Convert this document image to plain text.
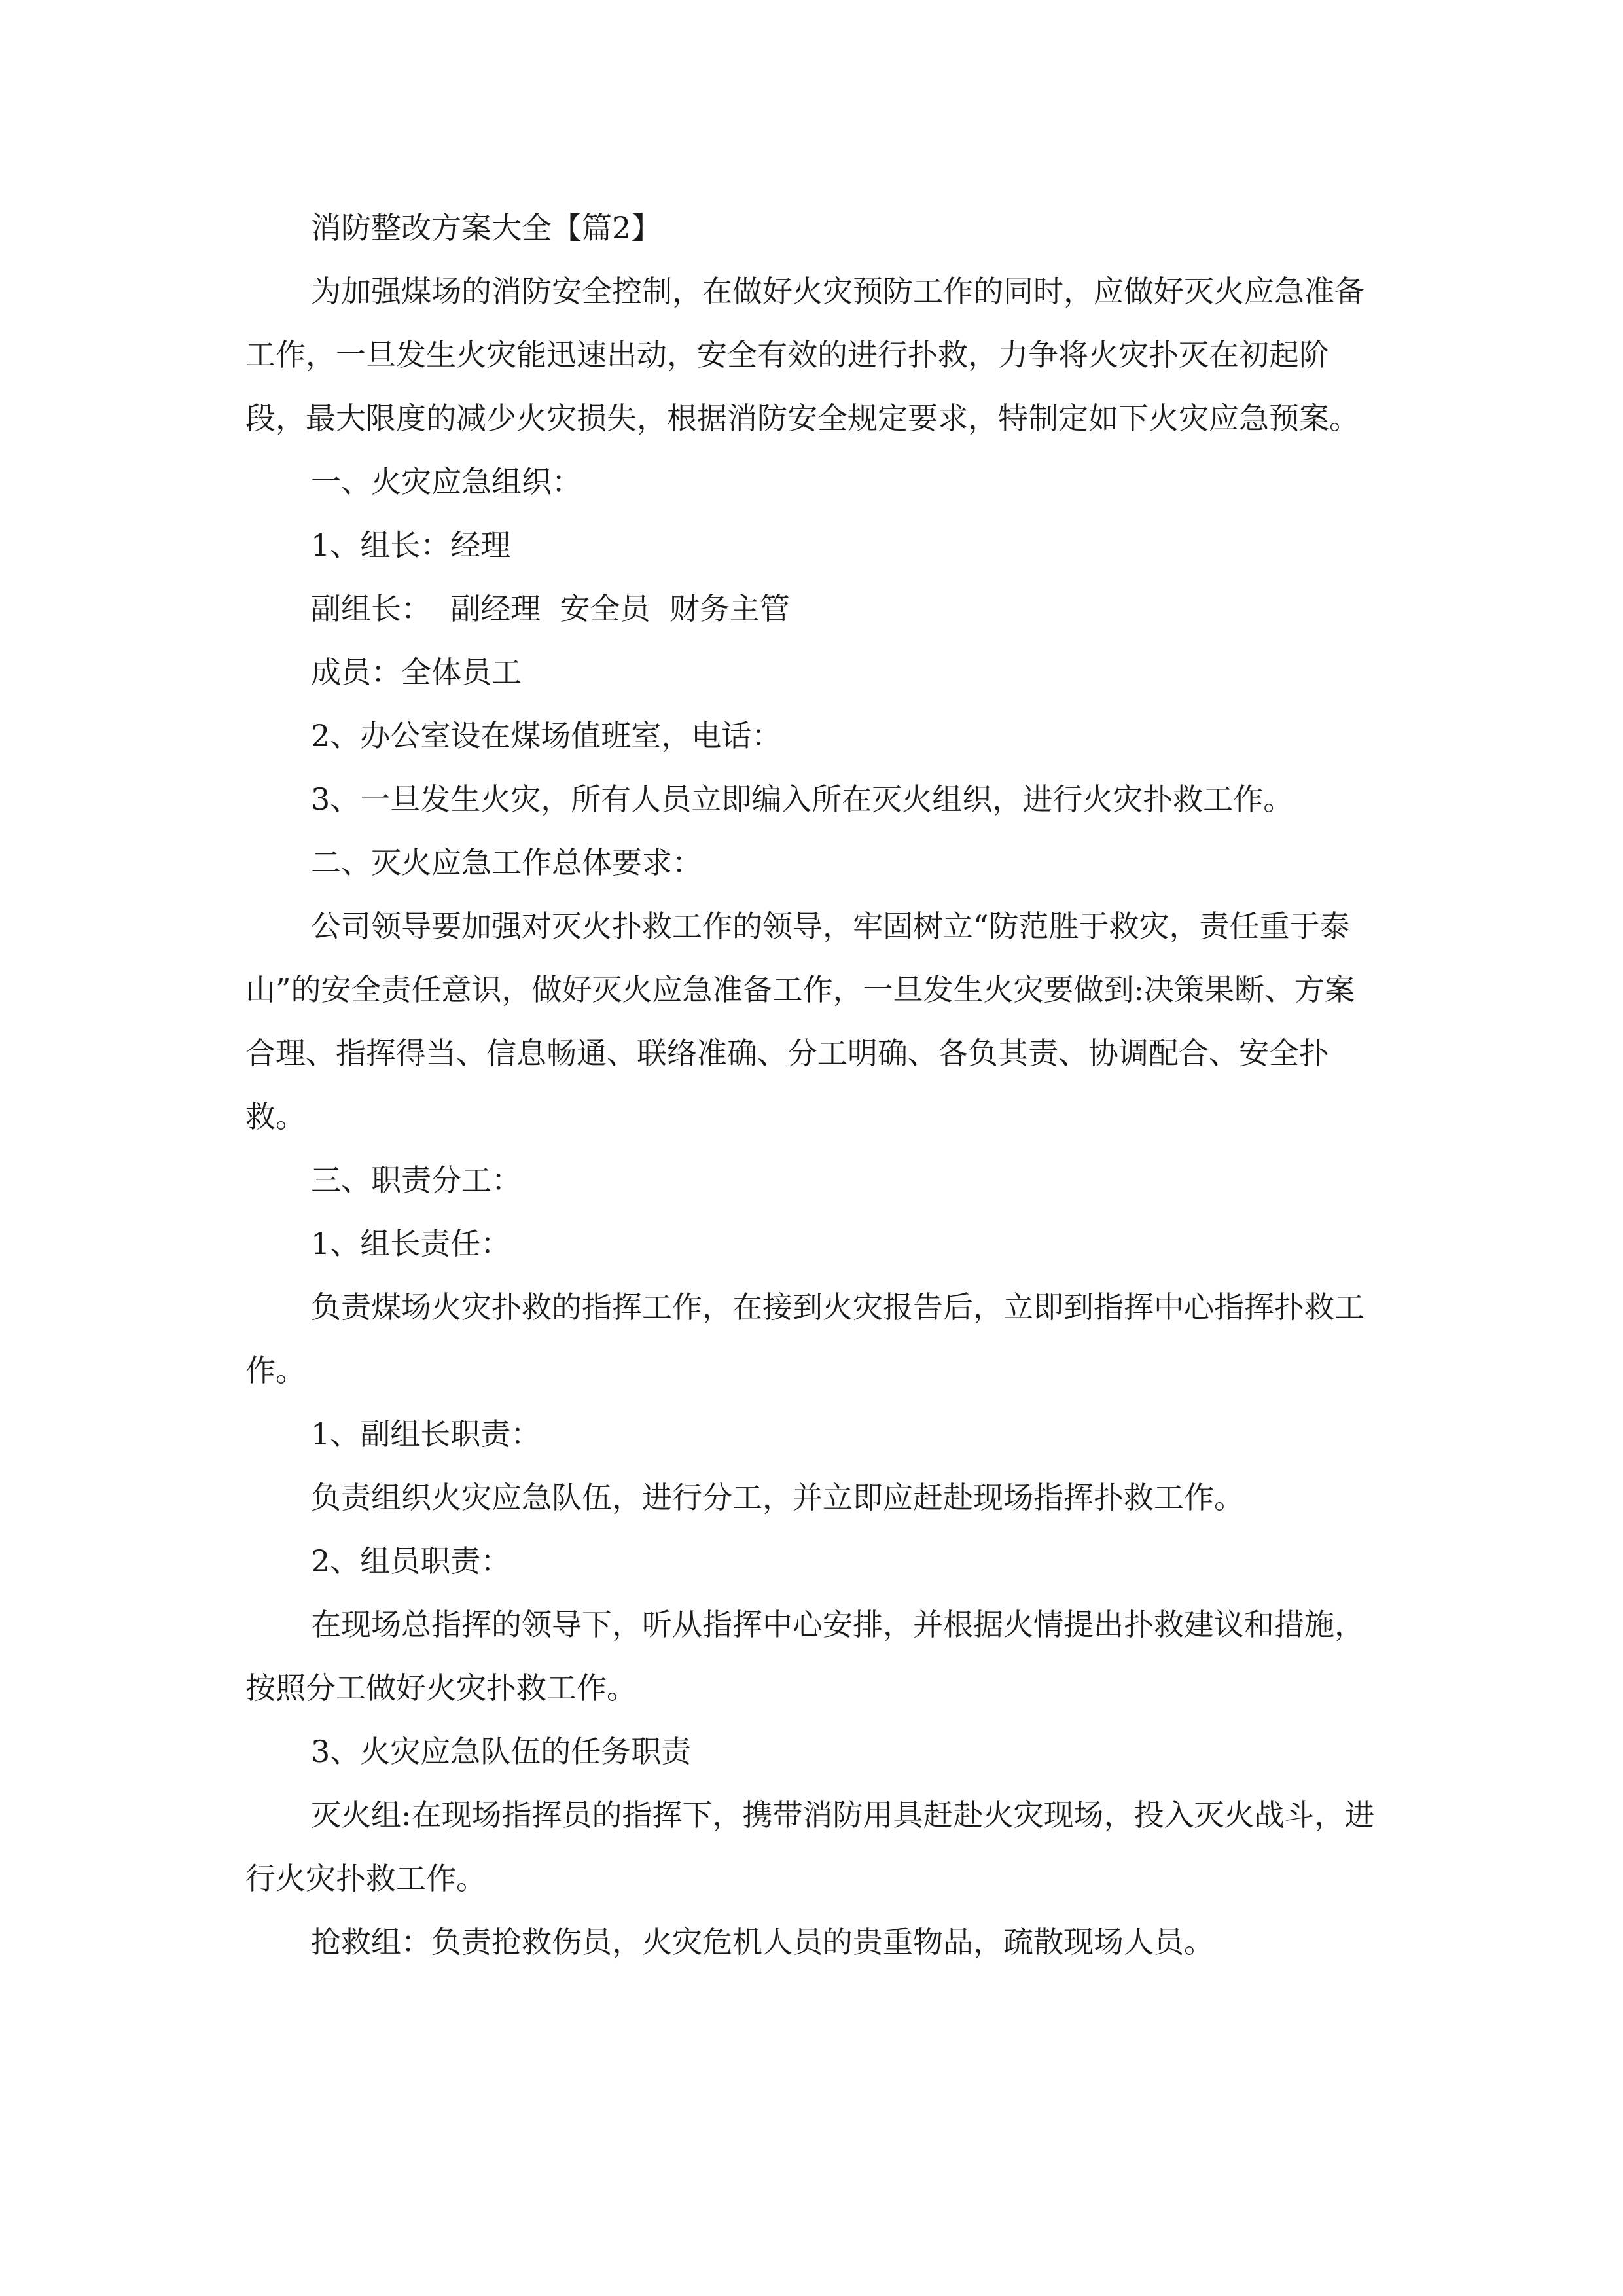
消防整改方案大全【篇2】

为加强煤场的消防安全控制，在做好火灾预防工作的同时，应做好灭火应急准备工作，一旦发生火灾能迅速出动，安全有效的进行扑救，力争将火灾扑灭在初起阶段，最大限度的减少火灾损失，根据消防安全规定要求，特制定如下火灾应急预案。

一、火灾应急组织：

1、组长：经理

副组长：  副经理  安全员  财务主管

成员：全体员工

2、办公室设在煤场值班室，电话：

3、一旦发生火灾，所有人员立即编入所在灭火组织，进行火灾扑救工作。

二、灭火应急工作总体要求：

公司领导要加强对灭火扑救工作的领导，牢固树立“防范胜于救灾，责任重于泰山”的安全责任意识，做好灭火应急准备工作，一旦发生火灾要做到:决策果断、方案合理、指挥得当、信息畅通、联络准确、分工明确、各负其责、协调配合、安全扑救。

三、职责分工：

1、组长责任：

负责煤场火灾扑救的指挥工作，在接到火灾报告后，立即到指挥中心指挥扑救工作。

1、副组长职责：

负责组织火灾应急队伍，进行分工，并立即应赶赴现场指挥扑救工作。

2、组员职责：

在现场总指挥的领导下，听从指挥中心安排，并根据火情提出扑救建议和措施，按照分工做好火灾扑救工作。

3、火灾应急队伍的任务职责

灭火组:在现场指挥员的指挥下，携带消防用具赶赴火灾现场，投入灭火战斗，进行火灾扑救工作。

抢救组：负责抢救伤员，火灾危机人员的贵重物品，疏散现场人员。
